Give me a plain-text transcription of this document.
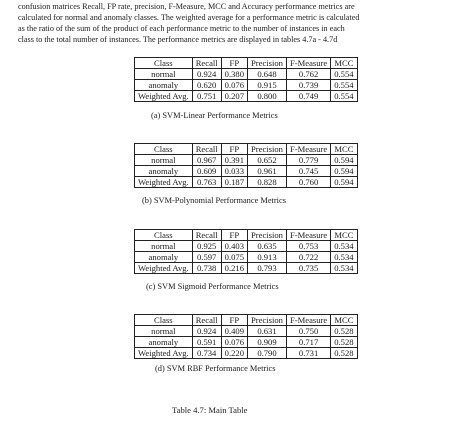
confusion matrices Recall, FP rate, precision, F-Measure, MCC and Accuracy performance metrics are
calculated for normal and anomaly classes. The weighted average for a performance metric is calculated
as the ratio of the sum of the product of each performance metric to the number of instances in each
class to the total number of instances. The performance metrics are displayed in tables 4.7a - 4.7d
Class	Recall	FP	Precision	F-Measure	MCC
normal	0.924	0.380	0.648	0.762	0.554
anomaly	0.620	0.076	0.915	0.739	0.554
Weighted Avg.	0.751	0.207	0.800	0.749	0.554
(a) SVM-Linear Performance Metrics
Class	Recall	FP	Precision	F-Measure	MCC
normal	0.967	0.391	0.652	0.779	0.594
anomaly	0.609	0.033	0.961	0.745	0.594
Weighted Avg.	0.763	0.187	0.828	0.760	0.594
(b) SVM-Polynomial Performance Metrics
Class	Recall	FP	Precision	F-Measure	MCC
normal	0.925	0.403	0.635	0.753	0.534
anomaly	0.597	0.075	0.913	0.722	0.534
Weighted Avg.	0.738	0.216	0.793	0.735	0.534
(c) SVM Sigmoid Performance Metrics
Class	Recall	FP	Precision	F-Measure	MCC
normal	0.924	0.409	0.631	0.750	0.528
anomaly	0.591	0.076	0.909	0.717	0.528
Weighted Avg.	0.734	0.220	0.790	0.731	0.528
(d) SVM RBF Performance Metrics
Table 4.7: Main Table
